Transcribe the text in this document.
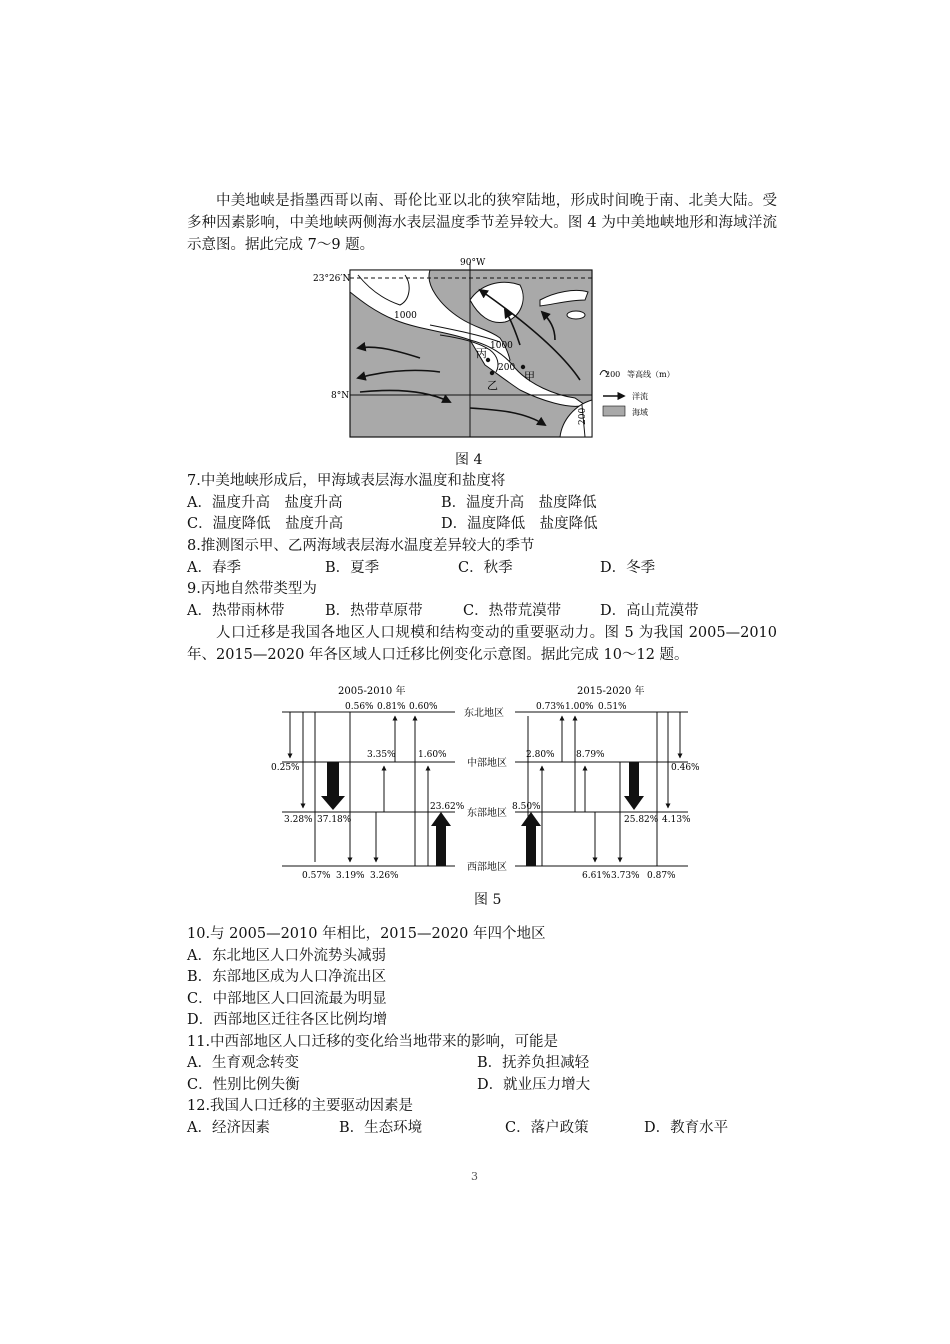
中美地峡是指墨西哥以南、哥伦比亚以北的狭窄陆地，形成时间晚于南、北美大陆。受多种因素影响，中美地峡两侧海水表层温度季节差异较大。图 4 为中美地峡地形和海域洋流示意图。据此完成 7～9 题。
90°W
23°26′N
8°N
1000
1000
200
200
丙
乙
甲	200 等高线（m）
洋流
海域
图 4
7.中美地峡形成后，甲海域表层海水温度和盐度将
A．温度升高　盐度升高	B．温度升高　盐度降低
C．温度降低　盐度升高	D．温度降低　盐度降低
8.推测图示甲、乙两海域表层海水温度差异较大的季节
A．春季	B．夏季	C．秋季	D．冬季
9.丙地自然带类型为
A．热带雨林带	B．热带草原带	C．热带荒漠带	D．高山荒漠带
人口迁移是我国各地区人口规模和结构变动的重要驱动力。图 5 为我国 2005—2010 年、2015—2020 年各区域人口迁移比例变化示意图。据此完成 10～12 题。
2005-2010 年	2015-2020 年
东北地区
中部地区
东部地区
西部地区
0.56% 0.81% 0.60%
0.25%
3.35% 1.60%
23.62%
3.28% 37.18%
0.57% 3.19% 3.26%
0.73% 1.00% 0.51%
2.80% 8.79%
0.46%
8.50%
25.82% 4.13%
6.61% 3.73% 0.87%
图 5
10.与 2005—2010 年相比，2015—2020 年四个地区
A．东北地区人口外流势头减弱
B．东部地区成为人口净流出区
C．中部地区人口回流最为明显
D．西部地区迁往各区比例均增
11.中西部地区人口迁移的变化给当地带来的影响，可能是
A．生育观念转变	B．抚养负担减轻
C．性别比例失衡	D．就业压力增大
12.我国人口迁移的主要驱动因素是
A．经济因素	B．生态环境	C．落户政策	D．教育水平
3
